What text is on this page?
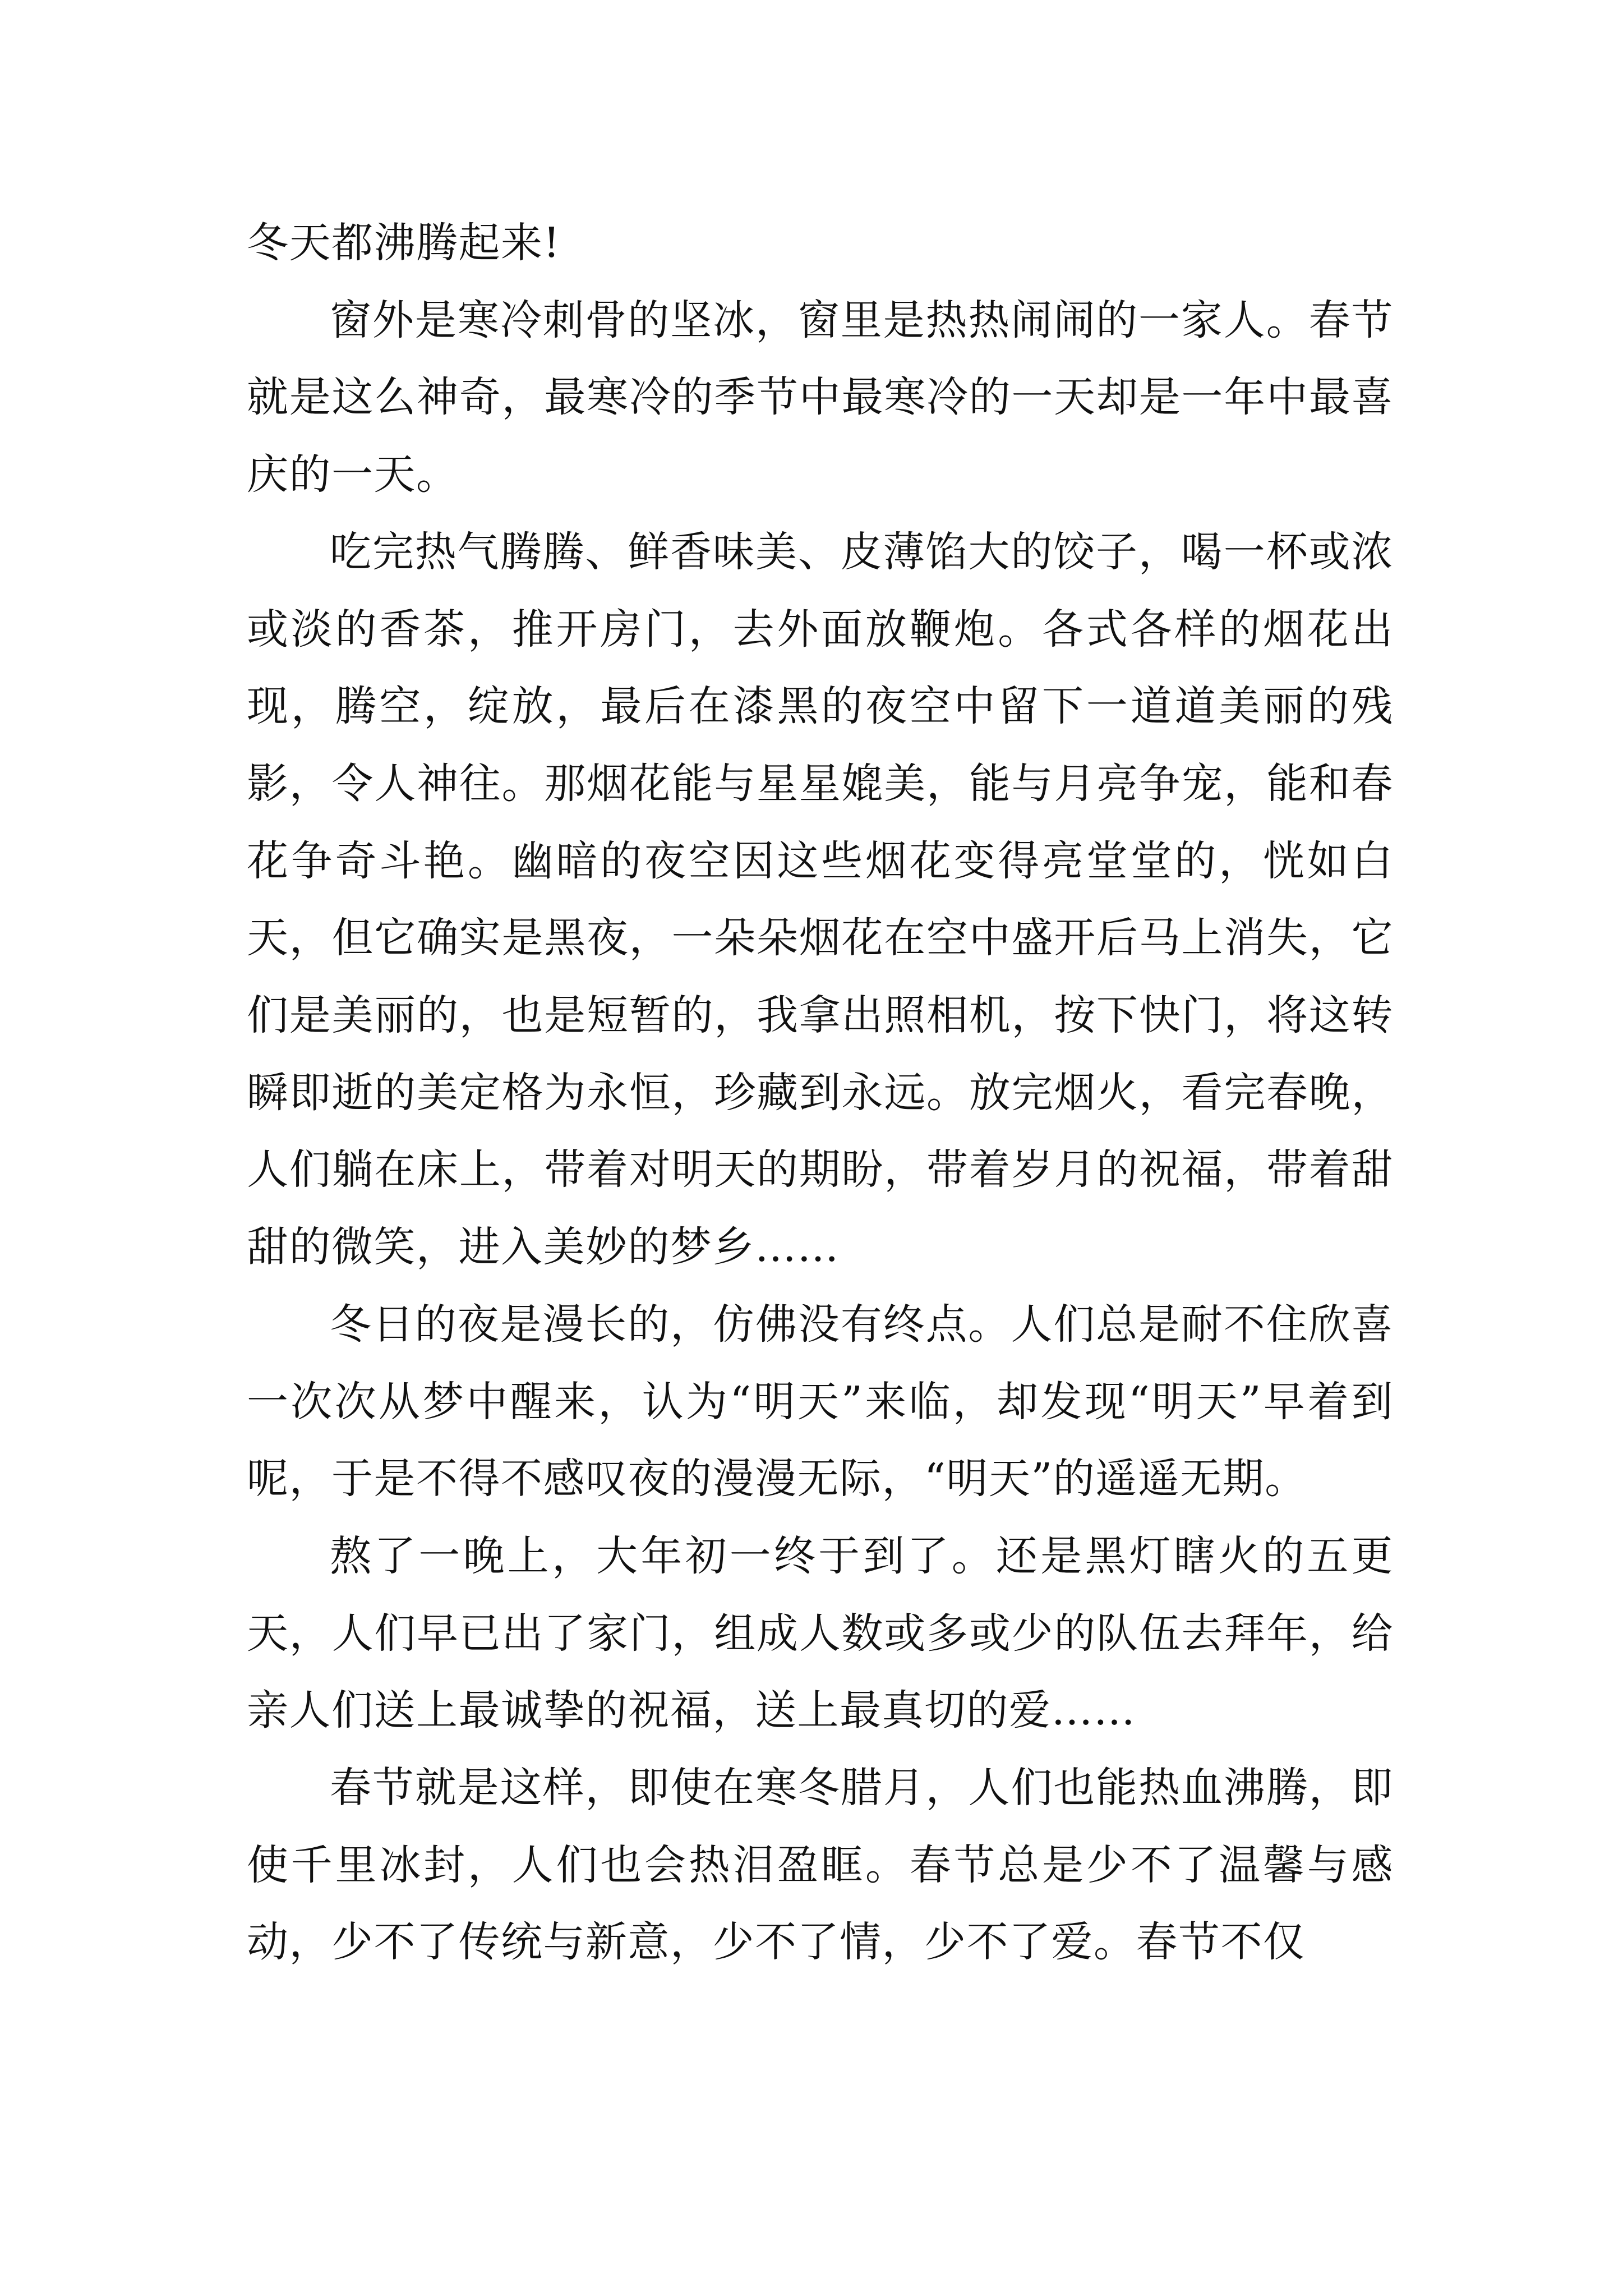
冬天都沸腾起来!

窗外是寒冷刺骨的坚冰，窗里是热热闹闹的一家人。春节就是这么神奇，最寒冷的季节中最寒冷的一天却是一年中最喜庆的一天。

吃完热气腾腾、鲜香味美、皮薄馅大的饺子，喝一杯或浓或淡的香茶，推开房门，去外面放鞭炮。各式各样的烟花出现，腾空，绽放，最后在漆黑的夜空中留下一道道美丽的残影，令人神往。那烟花能与星星媲美，能与月亮争宠，能和春花争奇斗艳。幽暗的夜空因这些烟花变得亮堂堂的，恍如白天，但它确实是黑夜，一朵朵烟花在空中盛开后马上消失，它们是美丽的，也是短暂的，我拿出照相机，按下快门，将这转瞬即逝的美定格为永恒，珍藏到永远。放完烟火，看完春晚，人们躺在床上，带着对明天的期盼，带着岁月的祝福，带着甜甜的微笑，进入美妙的梦乡……

冬日的夜是漫长的，仿佛没有终点。人们总是耐不住欣喜一次次从梦中醒来，认为“明天”来临，却发现“明天”早着到呢，于是不得不感叹夜的漫漫无际，“明天”的遥遥无期。

熬了一晚上，大年初一终于到了。还是黑灯瞎火的五更天，人们早已出了家门，组成人数或多或少的队伍去拜年，给亲人们送上最诚挚的祝福，送上最真切的爱……

春节就是这样，即使在寒冬腊月，人们也能热血沸腾，即使千里冰封，人们也会热泪盈眶。春节总是少不了温馨与感动，少不了传统与新意，少不了情，少不了爱。春节不仅
